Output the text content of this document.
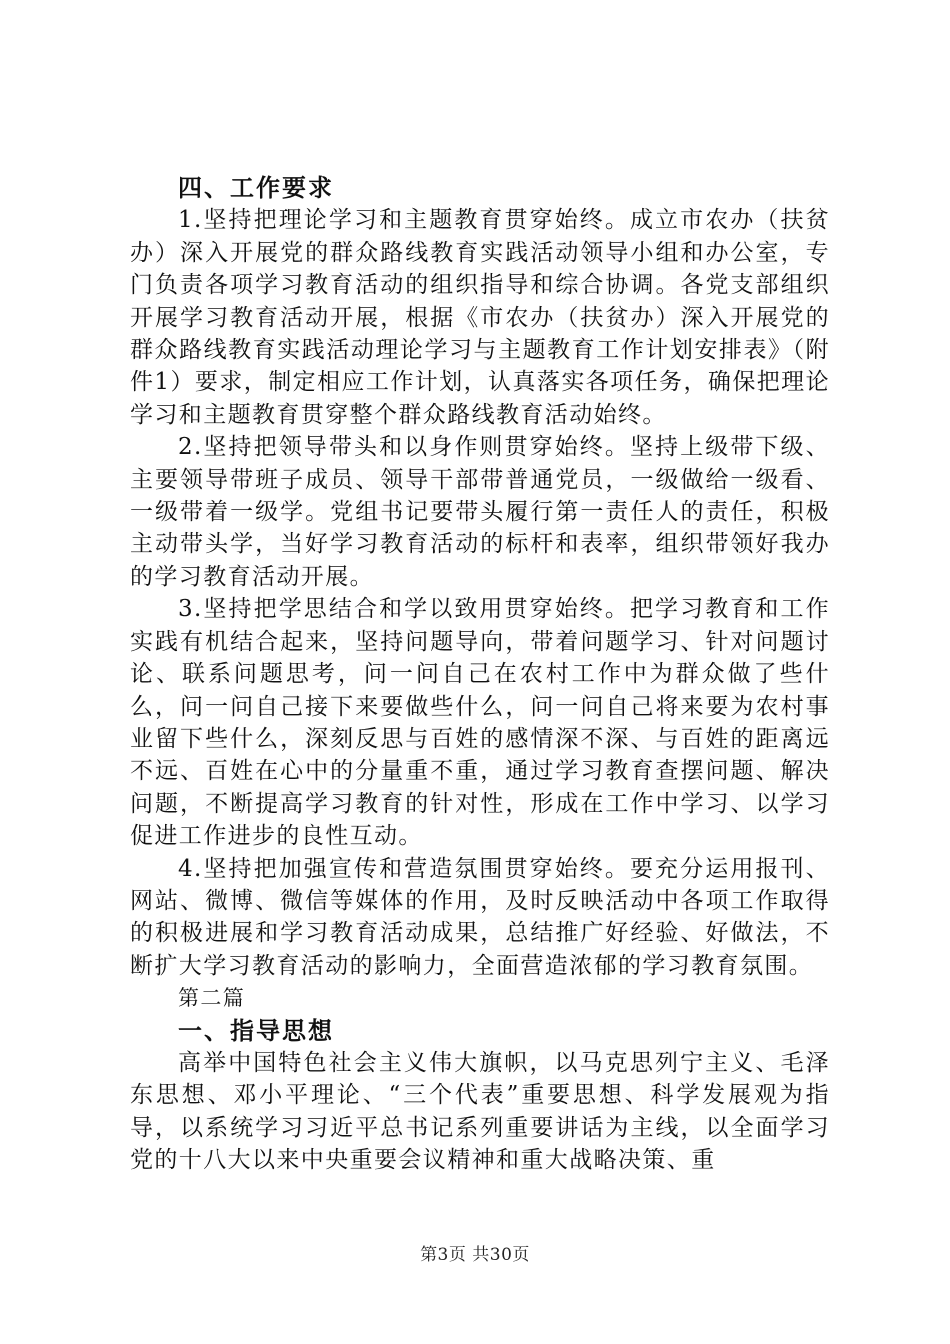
四、工作要求

1.坚持把理论学习和主题教育贯穿始终。成立市农办（扶贫办）深入开展党的群众路线教育实践活动领导小组和办公室，专门负责各项学习教育活动的组织指导和综合协调。各党支部组织开展学习教育活动开展，根据《市农办（扶贫办）深入开展党的群众路线教育实践活动理论学习与主题教育工作计划安排表》（附件1）要求，制定相应工作计划，认真落实各项任务，确保把理论学习和主题教育贯穿整个群众路线教育活动始终。

2.坚持把领导带头和以身作则贯穿始终。坚持上级带下级、主要领导带班子成员、领导干部带普通党员，一级做给一级看、一级带着一级学。党组书记要带头履行第一责任人的责任，积极主动带头学，当好学习教育活动的标杆和表率，组织带领好我办的学习教育活动开展。

3.坚持把学思结合和学以致用贯穿始终。把学习教育和工作实践有机结合起来，坚持问题导向，带着问题学习、针对问题讨论、联系问题思考，问一问自己在农村工作中为群众做了些什么，问一问自己接下来要做些什么，问一问自己将来要为农村事业留下些什么，深刻反思与百姓的感情深不深、与百姓的距离远不远、百姓在心中的分量重不重，通过学习教育查摆问题、解决问题，不断提高学习教育的针对性，形成在工作中学习、以学习促进工作进步的良性互动。

4.坚持把加强宣传和营造氛围贯穿始终。要充分运用报刊、网站、微博、微信等媒体的作用，及时反映活动中各项工作取得的积极进展和学习教育活动成果，总结推广好经验、好做法，不断扩大学习教育活动的影响力，全面营造浓郁的学习教育氛围。

第二篇
一、指导思想

高举中国特色社会主义伟大旗帜，以马克思列宁主义、毛泽东思想、邓小平理论、“三个代表”重要思想、科学发展观为指导，以系统学习习近平总书记系列重要讲话为主线，以全面学习党的十八大以来中央重要会议精神和重大战略决策、重

第3页 共30页
